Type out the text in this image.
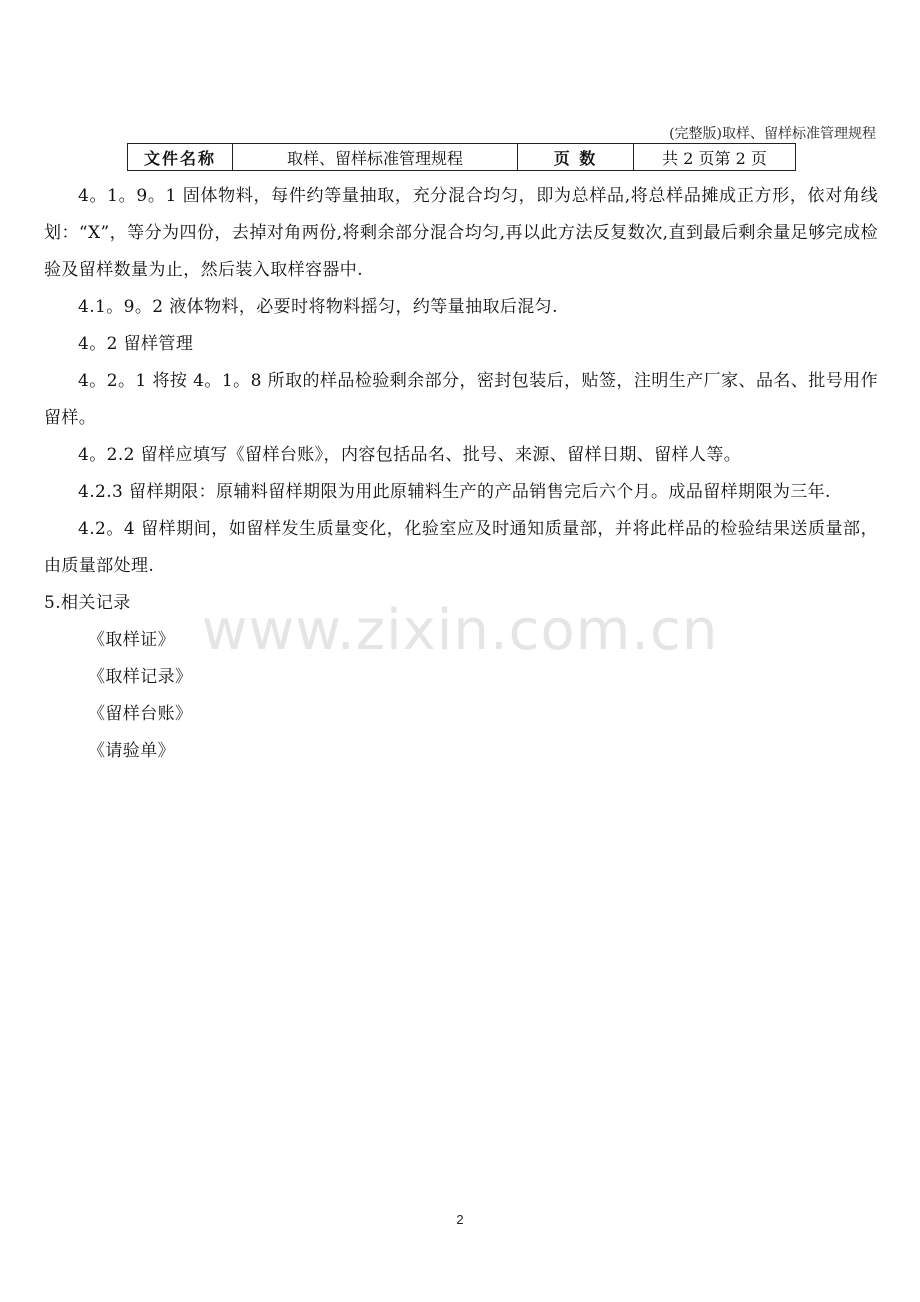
(完整版)取样、留样标准管理规程
文件名称	取样、留样标准管理规程	页 数	共 2 页第 2 页

4。1。9。1 固体物料，每件约等量抽取，充分混合均匀，即为总样品,将总样品摊成正方形，依对角线划：“X”，等分为四份，去掉对角两份,将剩余部分混合均匀,再以此方法反复数次,直到最后剩余量足够完成检验及留样数量为止，然后装入取样容器中.

4.1。9。2 液体物料，必要时将物料摇匀，约等量抽取后混匀.

4。2 留样管理

4。2。1 将按 4。1。8 所取的样品检验剩余部分，密封包装后，贴签，注明生产厂家、品名、批号用作留样。

4。2.2 留样应填写《留样台账》，内容包括品名、批号、来源、留样日期、留样人等。

4.2.3 留样期限：原辅料留样期限为用此原辅料生产的产品销售完后六个月。成品留样期限为三年.

4.2。4 留样期间，如留样发生质量变化，化验室应及时通知质量部，并将此样品的检验结果送质量部，由质量部处理.

5.相关记录

《取样证》

《取样记录》

《留样台账》

《请验单》

www.zixin.com.cn
2
